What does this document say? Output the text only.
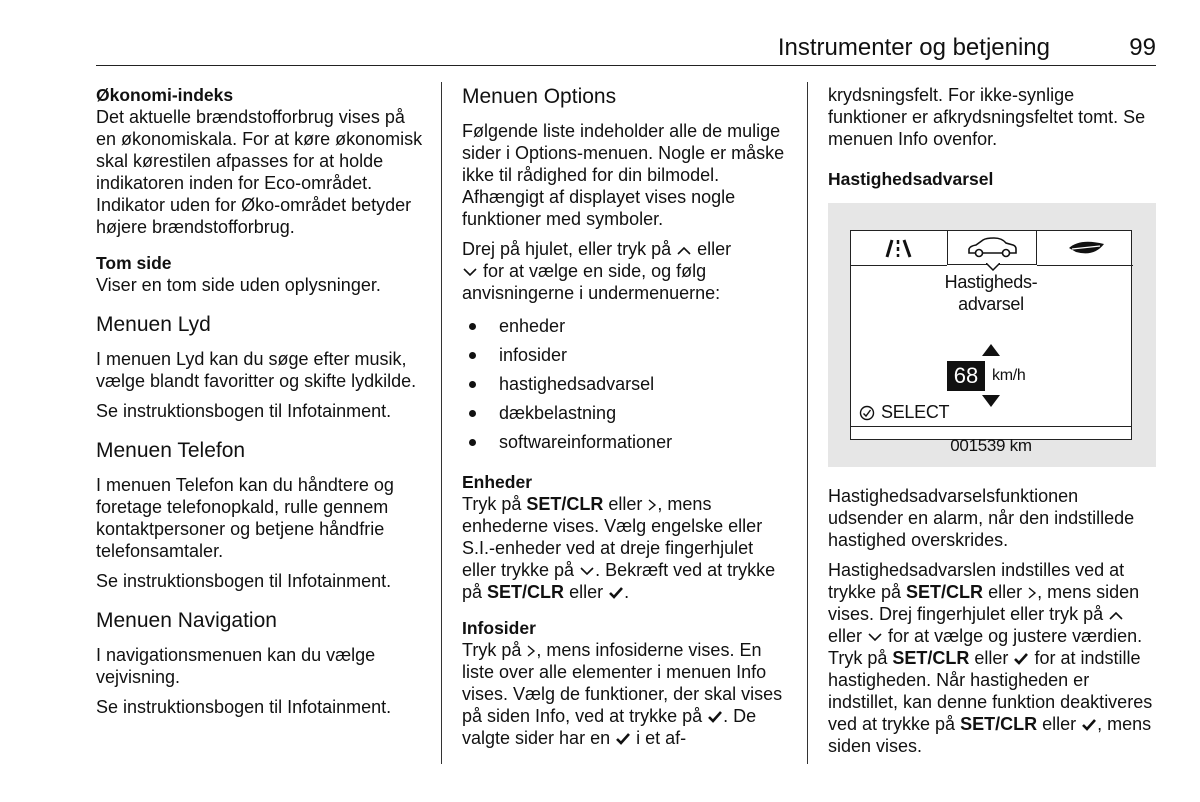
Instrumenter og betjening	99
Økonomi-indeks

Det aktuelle brændstofforbrug vises på en økonomiskala. For at køre økonomisk skal kørestilen afpasses for at holde indikatoren inden for Eco-området. Indikator uden for Øko-området betyder højere brændstofforbrug.

Tom side

Viser en tom side uden oplysninger.

Menuen Lyd

I menuen Lyd kan du søge efter musik, vælge blandt favoritter og skifte lydkilde.

Se instruktionsbogen til Infotainment.

Menuen Telefon

I menuen Telefon kan du håndtere og foretage telefonopkald, rulle gennem kontaktpersoner og betjene håndfrie telefonsamtaler.

Se instruktionsbogen til Infotainment.

Menuen Navigation

I navigationsmenuen kan du vælge vejvisning.

Se instruktionsbogen til Infotainment.

Menuen Options

Følgende liste indeholder alle de mulige sider i Options-menuen. Nogle er måske ikke til rådighed for din bilmodel. Afhængigt af displayet vises nogle funktioner med symboler.

Drej på hjulet, eller tryk på eller
for at vælge en side, og følg anvisningerne i undermenuerne:

enheder
infosider
hastighedsadvarsel
dækbelastning
softwareinformationer
Enheder

Tryk på SET/CLR eller , mens enhederne vises. Vælg engelske eller S.I.-enheder ved at dreje fingerhjulet eller trykke på . Bekræft ved at trykke på SET/CLR eller .

Infosider

Tryk på , mens infosiderne vises. En liste over alle elementer i menuen Info vises. Vælg de funktioner, der skal vises på siden Info, ved at trykke på . De valgte sider har en i et af-

krydsningsfelt. For ikke-synlige funktioner er afkrydsningsfeltet tomt. Se menuen Info ovenfor.

Hastighedsadvarsel
Hastigheds-
advarsel
68 km/h
SELECT
001539 km

Hastighedsadvarselsfunktionen udsender en alarm, når den indstillede hastighed overskrides.

Hastighedsadvarslen indstilles ved at trykke på SET/CLR eller , mens siden vises. Drej fingerhjulet eller tryk på  eller for at vælge og justere værdien. Tryk på SET/CLR eller for at indstille hastigheden. Når hastigheden er indstillet, kan denne funktion deaktiveres ved at trykke på SET/CLR eller , mens siden vises.
